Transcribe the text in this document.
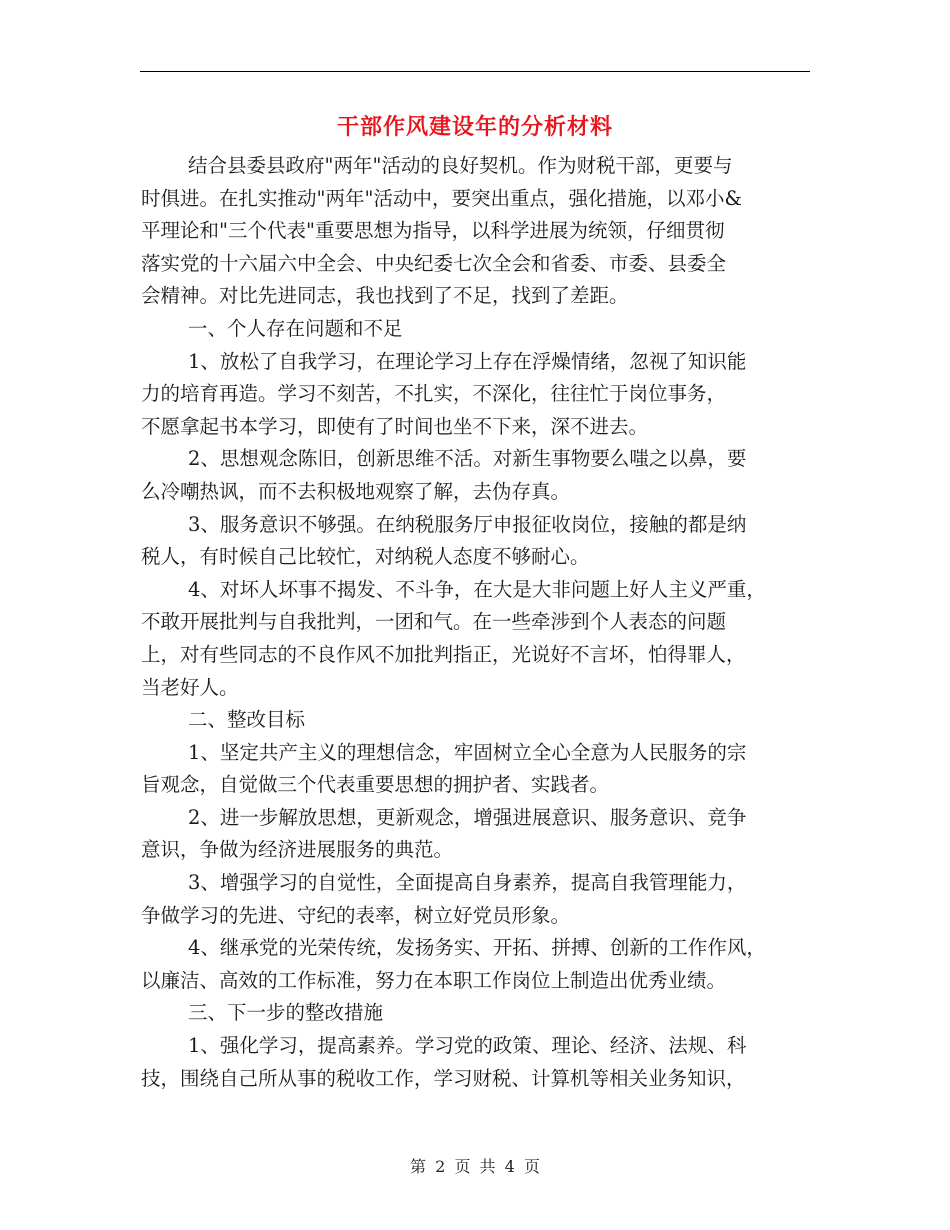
干部作风建设年的分析材料
结合县委县政府"两年"活动的良好契机。作为财税干部，更要与
时俱进。在扎实推动"两年"活动中，要突出重点，强化措施，以邓小&
平理论和"三个代表"重要思想为指导，以科学进展为统领，仔细贯彻
落实党的十六届六中全会、中央纪委七次全会和省委、市委、县委全
会精神。对比先进同志，我也找到了不足，找到了差距。
一、个人存在问题和不足
1、放松了自我学习，在理论学习上存在浮燥情绪，忽视了知识能
力的培育再造。学习不刻苦，不扎实，不深化，往往忙于岗位事务，
不愿拿起书本学习，即使有了时间也坐不下来，深不进去。
2、思想观念陈旧，创新思维不活。对新生事物要么嗤之以鼻，要
么冷嘲热讽，而不去积极地观察了解，去伪存真。
3、服务意识不够强。在纳税服务厅申报征收岗位，接触的都是纳
税人，有时候自己比较忙，对纳税人态度不够耐心。
4、对坏人坏事不揭发、不斗争，在大是大非问题上好人主义严重，
不敢开展批判与自我批判，一团和气。在一些牵涉到个人表态的问题
上，对有些同志的不良作风不加批判指正，光说好不言坏，怕得罪人，
当老好人。
二、整改目标
1、坚定共产主义的理想信念，牢固树立全心全意为人民服务的宗
旨观念，自觉做三个代表重要思想的拥护者、实践者。
2、进一步解放思想，更新观念，增强进展意识、服务意识、竞争
意识，争做为经济进展服务的典范。
3、增强学习的自觉性，全面提高自身素养，提高自我管理能力，
争做学习的先进、守纪的表率，树立好党员形象。
4、继承党的光荣传统，发扬务实、开拓、拼搏、创新的工作作风，
以廉洁、高效的工作标准，努力在本职工作岗位上制造出优秀业绩。
三、下一步的整改措施
1、强化学习，提高素养。学习党的政策、理论、经济、法规、科
技，围绕自己所从事的税收工作，学习财税、计算机等相关业务知识，
第 2 页 共 4 页
